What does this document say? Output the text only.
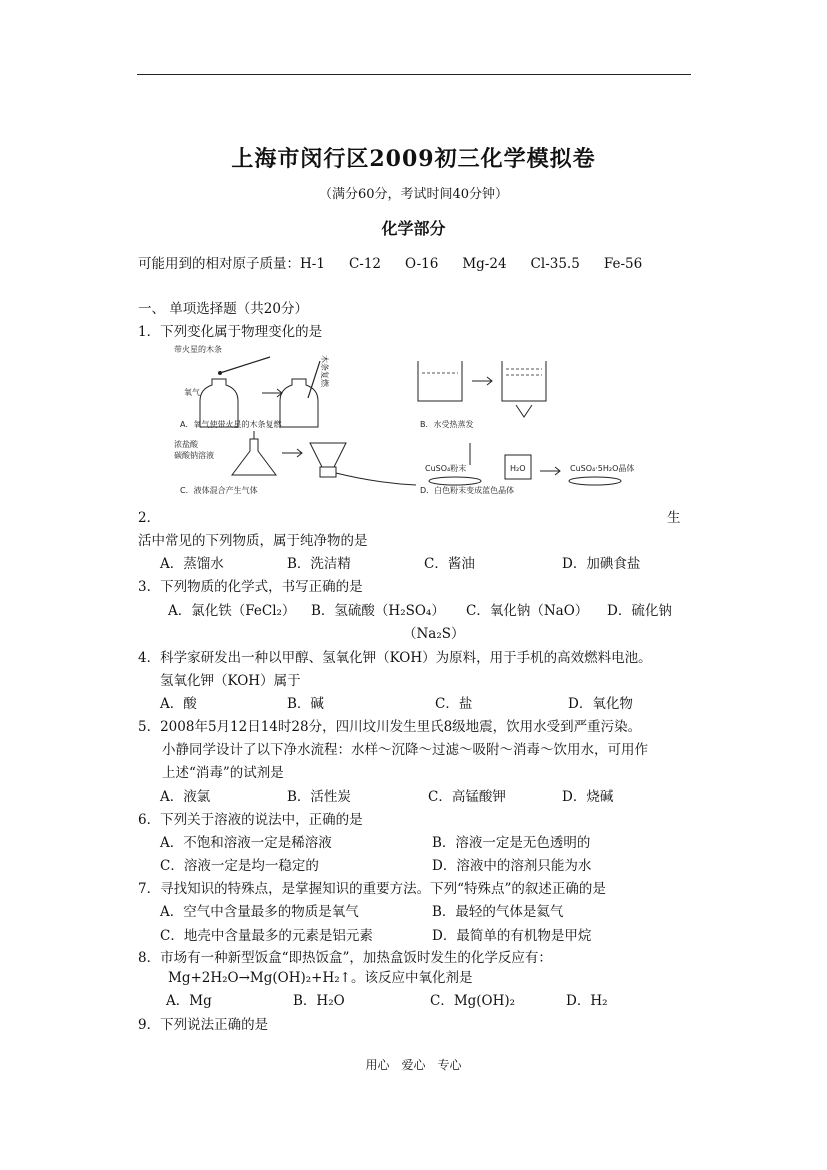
上海市闵行区2009初三化学模拟卷
（满分60分，考试时间40分钟）
化学部分
可能用到的相对原子质量：H-1 C-12 O-16 Mg-24 Cl-35.5 Fe-56
一、 单项选择题（共20分）
1．下列变化属于物理变化的是
带火星的木条
氧气
木条复燃
A．氧气使带火星的木条复燃	B．水受热蒸发
浓盐酸
碳酸钠溶液
C．液体混合产生气体
CuSO₄粉末	H₂O	CuSO₄·5H₂O晶体
D．白色粉末变成蓝色晶体
2．	生
活中常见的下列物质，属于纯净物的是
A．蒸馏水	B．洗洁精	C．酱油	D．加碘食盐
3．下列物质的化学式，书写正确的是
A．氯化铁（FeCl₂） B．氢硫酸（H₂SO₄） C．氧化钠（NaO） D．硫化钠
（Na₂S）
4．科学家研发出一种以甲醇、氢氧化钾（KOH）为原料，用于手机的高效燃料电池。
氢氧化钾（KOH）属于
A．酸	B．碱	C．盐	D．氧化物
5．2008年5月12日14时28分，四川坟川发生里氏8级地震，饮用水受到严重污染。
小静同学设计了以下净水流程：水样～沉降～过滤～吸附～消毒～饮用水，可用作
上述“消毒”的试剂是
A．液氯	B．活性炭	C．高锰酸钾	D．烧碱
6．下列关于溶液的说法中，正确的是
A．不饱和溶液一定是稀溶液	B．溶液一定是无色透明的
C．溶液一定是均一稳定的	D．溶液中的溶剂只能为水
7．寻找知识的特殊点，是掌握知识的重要方法。下列“特殊点”的叙述正确的是
A．空气中含量最多的物质是氧气	B．最轻的气体是氦气
C．地壳中含量最多的元素是铝元素	D．最简单的有机物是甲烷
8．市场有一种新型饭盒“即热饭盒”，加热盒饭时发生的化学反应有：
Mg+2H₂O→Mg(OH)₂+H₂↑。该反应中氧化剂是
A．Mg	B．H₂O	C．Mg(OH)₂	D．H₂
9．下列说法正确的是
用心 爱心 专心
